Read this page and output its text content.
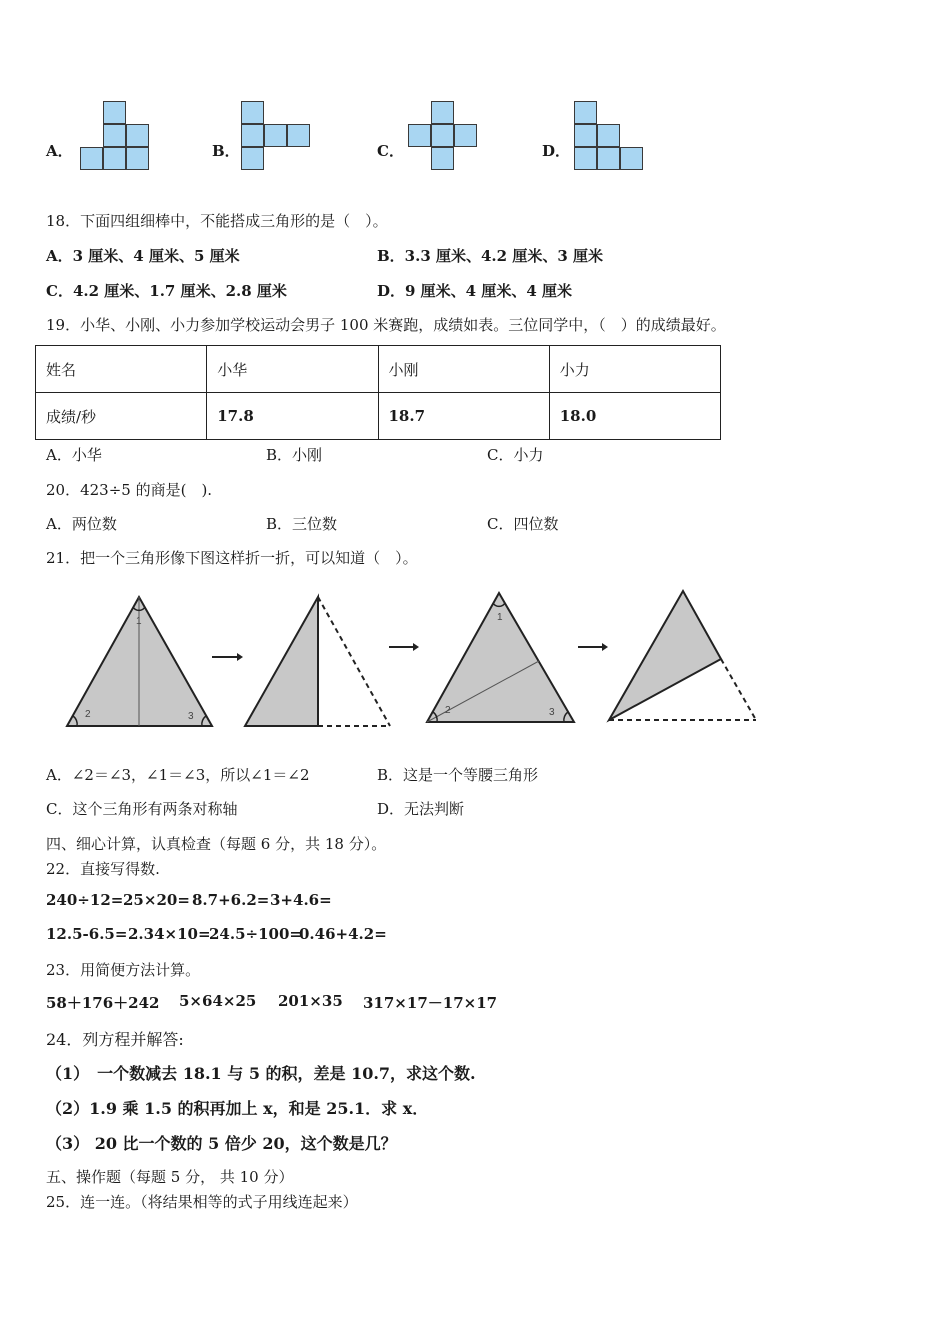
A．	B．	C．	D．
18．下面四组细棒中，不能搭成三角形的是（　）。
A．3 厘米、4 厘米、5 厘米	B．3.3 厘米、4.2 厘米、3 厘米
C．4.2 厘米、1.7 厘米、2.8 厘米	D．9 厘米、4 厘米、4 厘米
19．小华、小刚、小力参加学校运动会男子 100 米赛跑，成绩如表。三位同学中，（　）的成绩最好。
姓名	小华	小刚	小力
成绩/秒	17.8	18.7	18.0
A．小华	B．小刚	C．小力
20．423÷5 的商是(　).
A．两位数	B．三位数	C．四位数
21．把一个三角形像下图这样折一折，可以知道（　）。
1
2	3
1
2	3
A．∠2＝∠3，∠1＝∠3，所以∠1＝∠2	B．这是一个等腰三角形
C．这个三角形有两条对称轴	D．无法判断
四、细心计算，认真检查（每题 6 分，共 18 分）。
22．直接写得数.
240÷12= 25×20= 8.7+6.2= 3+4.6=
12.5-6.5= 2.34×10=
24.5÷100=
0.46+4.2=
23．用简便方法计算。
58＋176＋242 5×64×25 201×35 317×17－17×17
24．列方程并解答:
（1）　一个数减去 18.1 与 5 的积，差是 10.7，求这个数.
（2）1.9 乘 1.5 的积再加上 x，和是 25.1．求 x．
（3） 20 比一个数的 5 倍少 20，这个数是几？
五、操作题（每题 5 分， 共 10 分）
25．连一连。（将结果相等的式子用线连起来）
